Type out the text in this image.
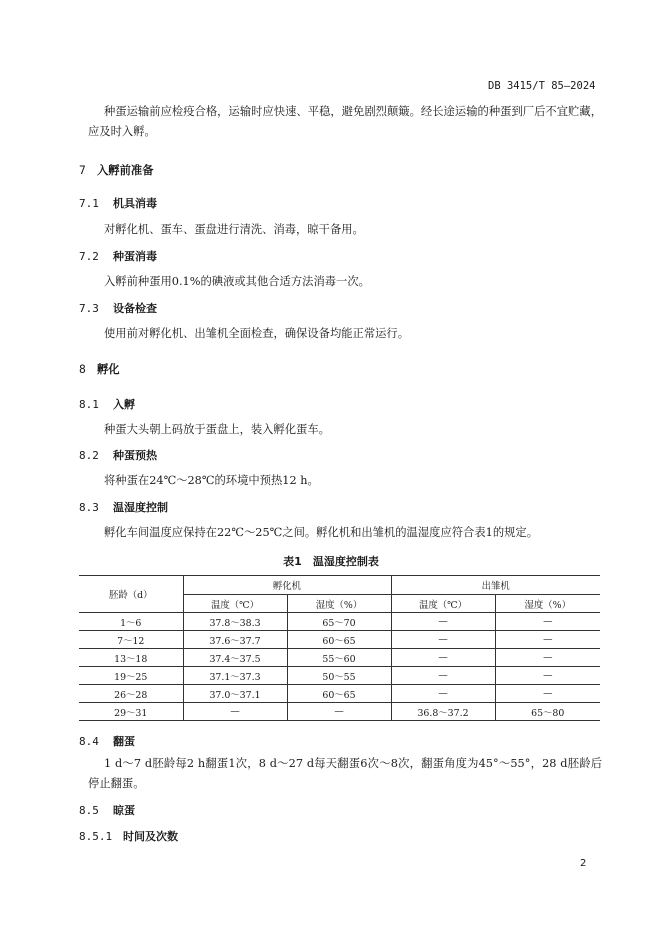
DB 3415/T 85—2024
种蛋运输前应检疫合格，运输时应快速、平稳，避免剧烈颠簸。经长途运输的种蛋到厂后不宜贮藏，应及时入孵。
7 入孵前准备
7.1 机具消毒
对孵化机、蛋车、蛋盘进行清洗、消毒，晾干备用。
7.2 种蛋消毒
入孵前种蛋用0.1%的碘液或其他合适方法消毒一次。
7.3 设备检查
使用前对孵化机、出雏机全面检查，确保设备均能正常运行。
8 孵化
8.1 入孵
种蛋大头朝上码放于蛋盘上，装入孵化蛋车。
8.2 种蛋预热
将种蛋在24℃～28℃的环境中预热12 h。
8.3 温湿度控制
孵化车间温度应保持在22℃～25℃之间。孵化机和出雏机的温湿度应符合表1的规定。
表1　温湿度控制表
胚龄（d）	孵化机		出雏机	
	温度（℃）	湿度（%）	温度（℃）	湿度（%）
1～6	37.8～38.3	65～70	—	—
7～12	37.6～37.7	60～65	—	—
13～18	37.4～37.5	55～60	—	—
19～25	37.1～37.3	50～55	—	—
26～28	37.0～37.1	60～65	—	—
29～31	—	—	36.8～37.2	65～80
8.4 翻蛋
1 d～7 d胚龄每2 h翻蛋1次，8 d～27 d每天翻蛋6次～8次，翻蛋角度为45°～55°，28 d胚龄后停止翻蛋。
8.5 晾蛋
8.5.1 时间及次数
2
